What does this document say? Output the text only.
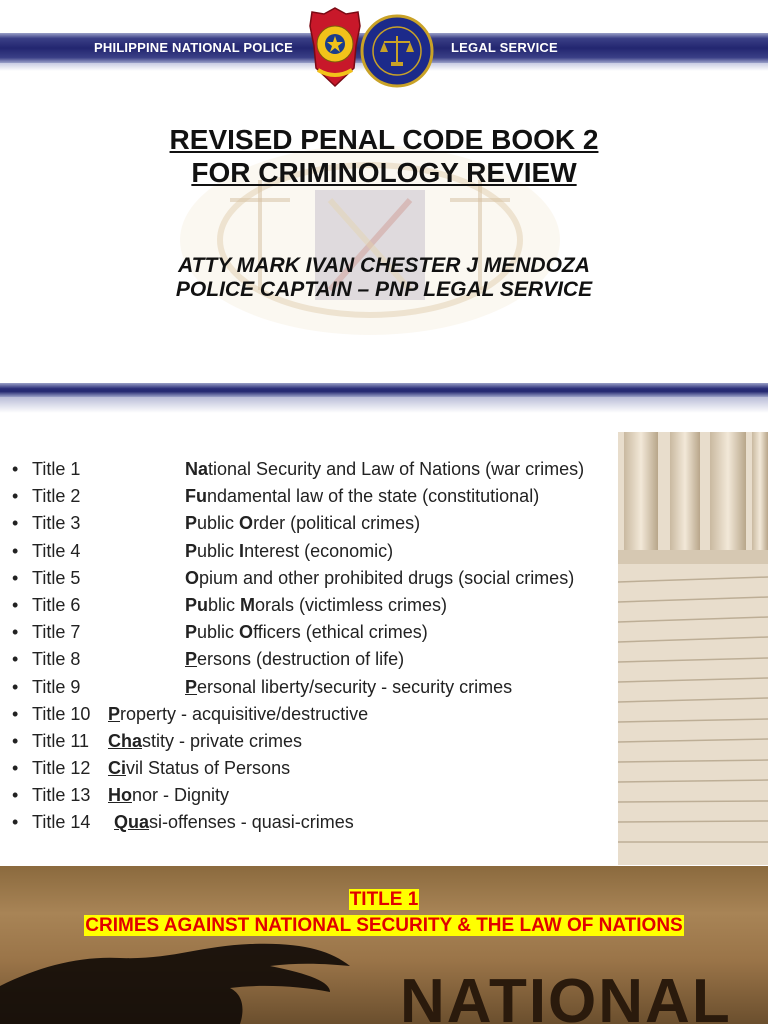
PHILIPPINE NATIONAL POLICE	LEGAL SERVICE
REVISED PENAL CODE BOOK 2
FOR CRIMINOLOGY REVIEW
ATTY MARK IVAN CHESTER J MENDOZA
POLICE CAPTAIN – PNP LEGAL SERVICE
• Title 1	National Security and Law of Nations (war crimes)
• Title 2	Fundamental law of the state (constitutional)
• Title 3	Public Order (political crimes)
• Title 4	Public Interest (economic)
• Title 5	Opium and other prohibited drugs (social crimes)
• Title 6	Public Morals (victimless crimes)
• Title 7	Public Officers (ethical crimes)
• Title 8	Persons (destruction of life)
• Title 9	Personal liberty/security - security crimes
• Title 10 Property - acquisitive/destructive
• Title 11 Chastity - private crimes
• Title 12 Civil Status of Persons
• Title 13 Honor - Dignity
• Title 14 Quasi-offenses - quasi-crimes
NATIONAL
TITLE 1
CRIMES AGAINST NATIONAL SECURITY & THE LAW OF NATIONS
